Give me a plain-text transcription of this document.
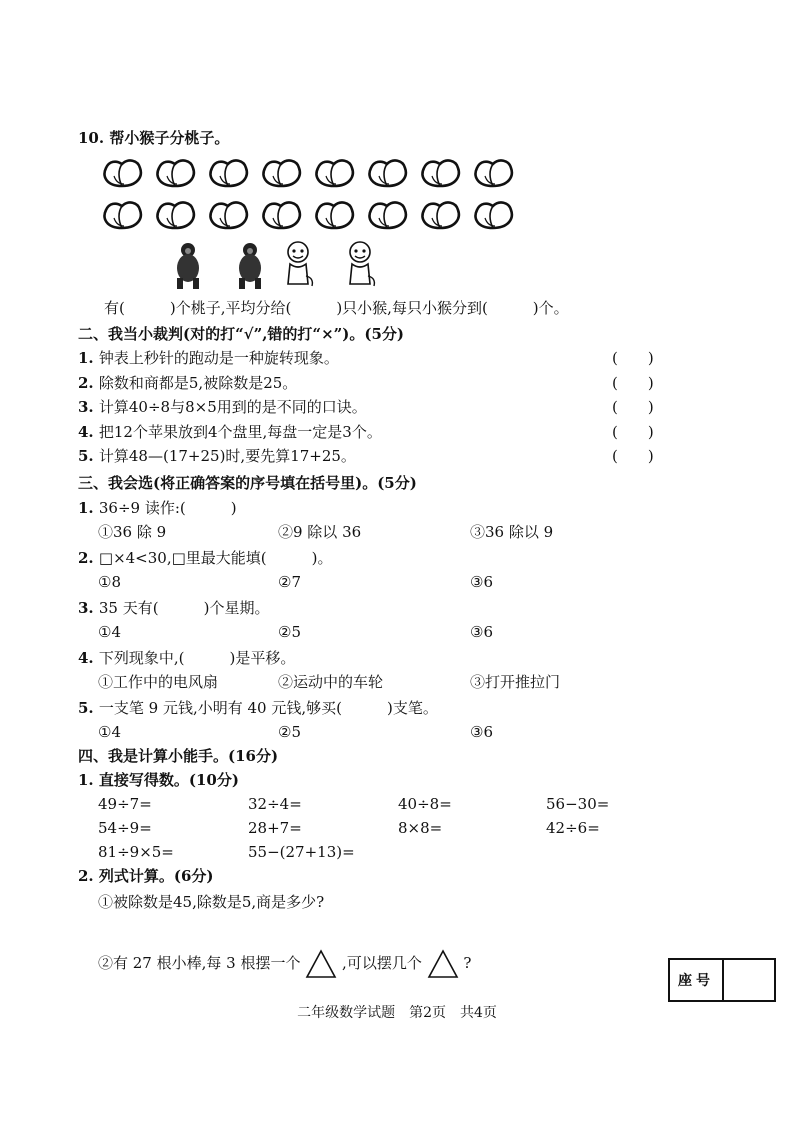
10. 帮小猴子分桃子。
有(　　　)个桃子,平均分给(　　　)只小猴,每只小猴分到(　　　)个。
二、我当小裁判(对的打“√”,错的打“×”)。(5分)
1. 钟表上秒针的跑动是一种旋转现象。	(　　)
2. 除数和商都是5,被除数是25。	(　　)
3. 计算40÷8与8×5用到的是不同的口诀。	(　　)
4. 把12个苹果放到4个盘里,每盘一定是3个。	(　　)
5. 计算48—(17+25)时,要先算17+25。	(　　)
三、我会选(将正确答案的序号填在括号里)。(5分)
1. 36÷9 读作:(　　　)
①36 除 9	②9 除以 36	③36 除以 9
2. □×4<30,□里最大能填(　　　)。
①8	②7	③6
3. 35 天有(　　　)个星期。
①4	②5	③6
4. 下列现象中,(　　　)是平移。
①工作中的电风扇	②运动中的车轮	③打开推拉门
5. 一支笔 9 元钱,小明有 40 元钱,够买(　　　)支笔。
①4	②5	③6
四、我是计算小能手。(16分)
1. 直接写得数。(10分)
49÷7=	32÷4=	40÷8=	56−30=
54÷9=	28+7=	8×8=	42÷6=
81÷9×5=	55−(27+13)=
2. 列式计算。(6分)
①被除数是45,除数是5,商是多少?
②有 27 根小棒,每 3 根摆一个	,可以摆几个	?
座号
二年级数学试题　第2页　共4页
